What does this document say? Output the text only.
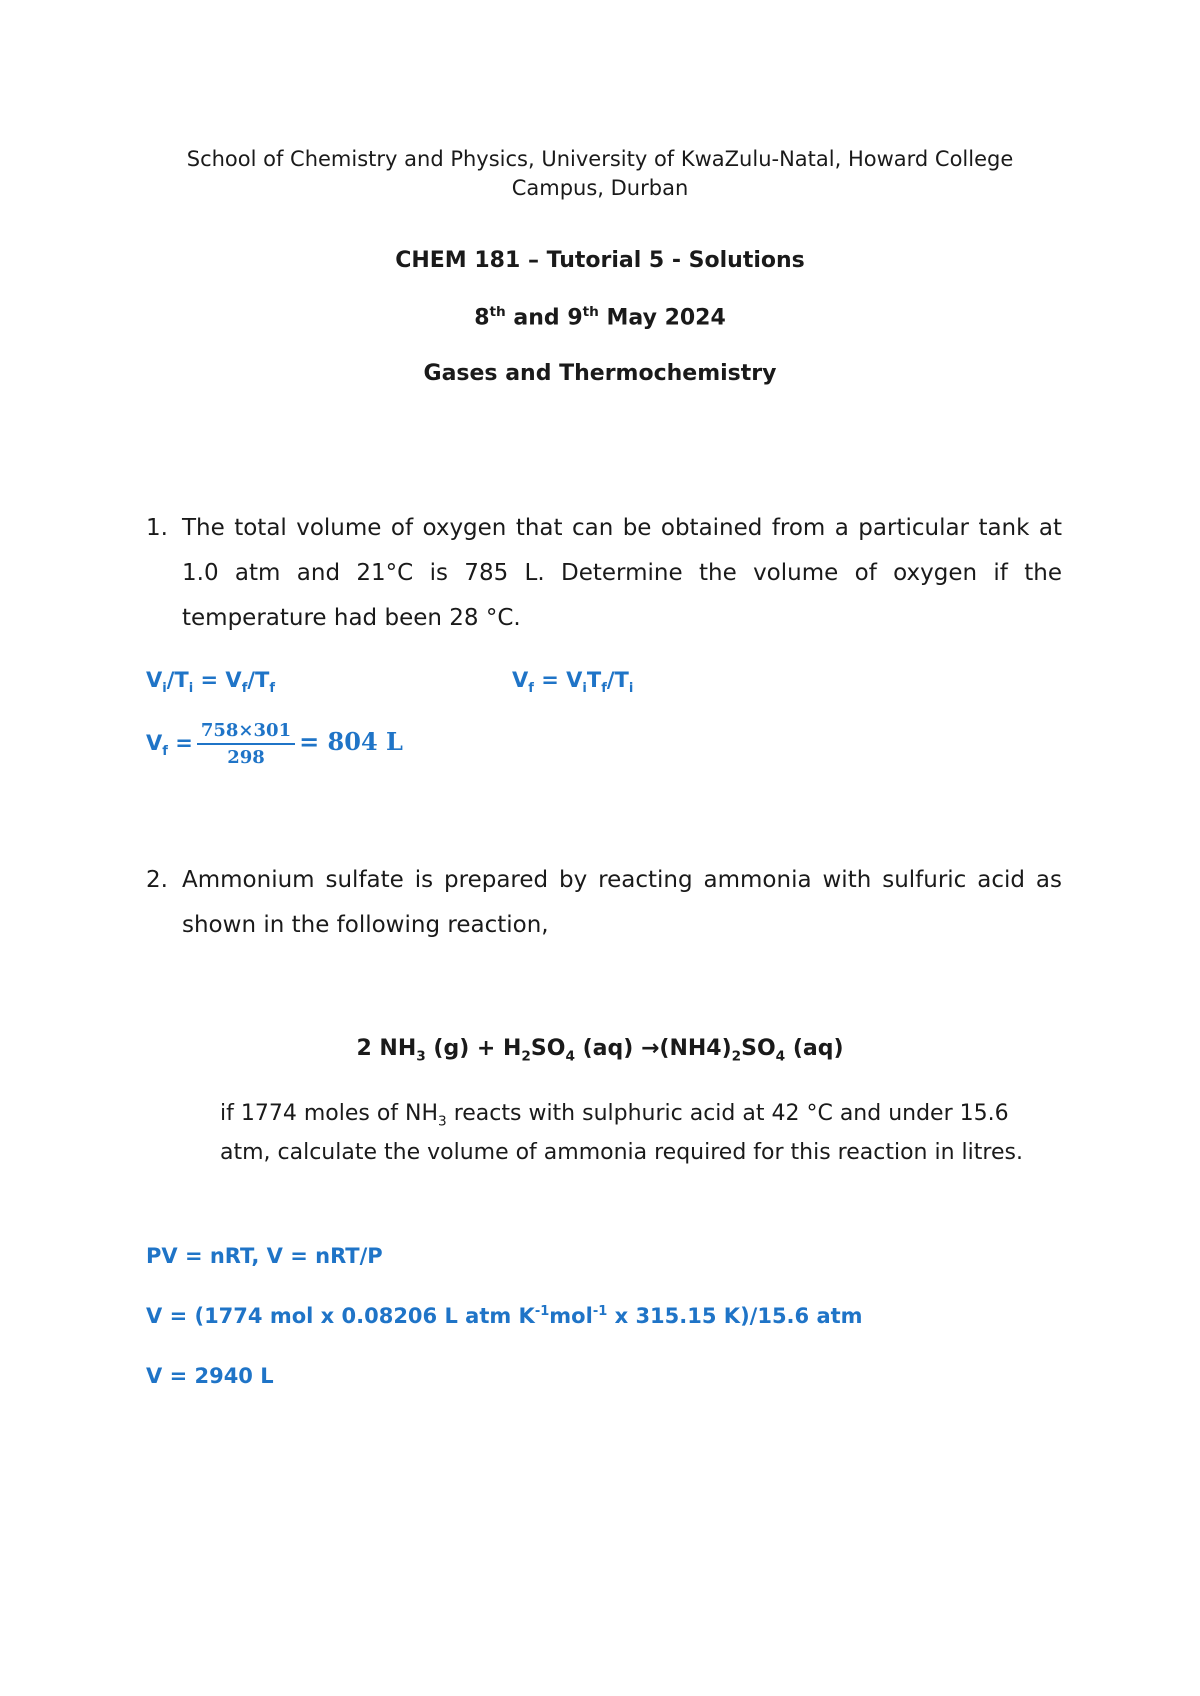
School of Chemistry and Physics, University of KwaZulu-Natal, Howard College
Campus, Durban
CHEM 181 – Tutorial 5 - Solutions
8th and 9th May 2024
Gases and Thermochemistry
1. The total volume of oxygen that can be obtained from a particular tank at 1.0 atm and 21°C is 785 L. Determine the volume of oxygen if the temperature had been 28 °C.
$V_i/T_i = V_f/T_f$	$V_f = V_iT_f/T_i$
$V_f = \frac{758\times 301}{298} = 804$ L
2. Ammonium sulfate is prepared by reacting ammonia with sulfuric acid as shown in the following reaction,
2 $NH_3$ $(g) + H_2SO_4$ $(aq) \to(NH4)_2SO_4$ (aq)
if 1774 moles of $NH_3$ reacts with sulphuric acid at 42 °C and under 15.6 atm, calculate the volume of ammonia required for this reaction in litres.
PV = nRT, V = nRT/P
V = (1774 mol x 0.08206 L atm $K^{-1}mol^{-1}$ x 315.15 K)/15.6 atm
V = 2940 L
